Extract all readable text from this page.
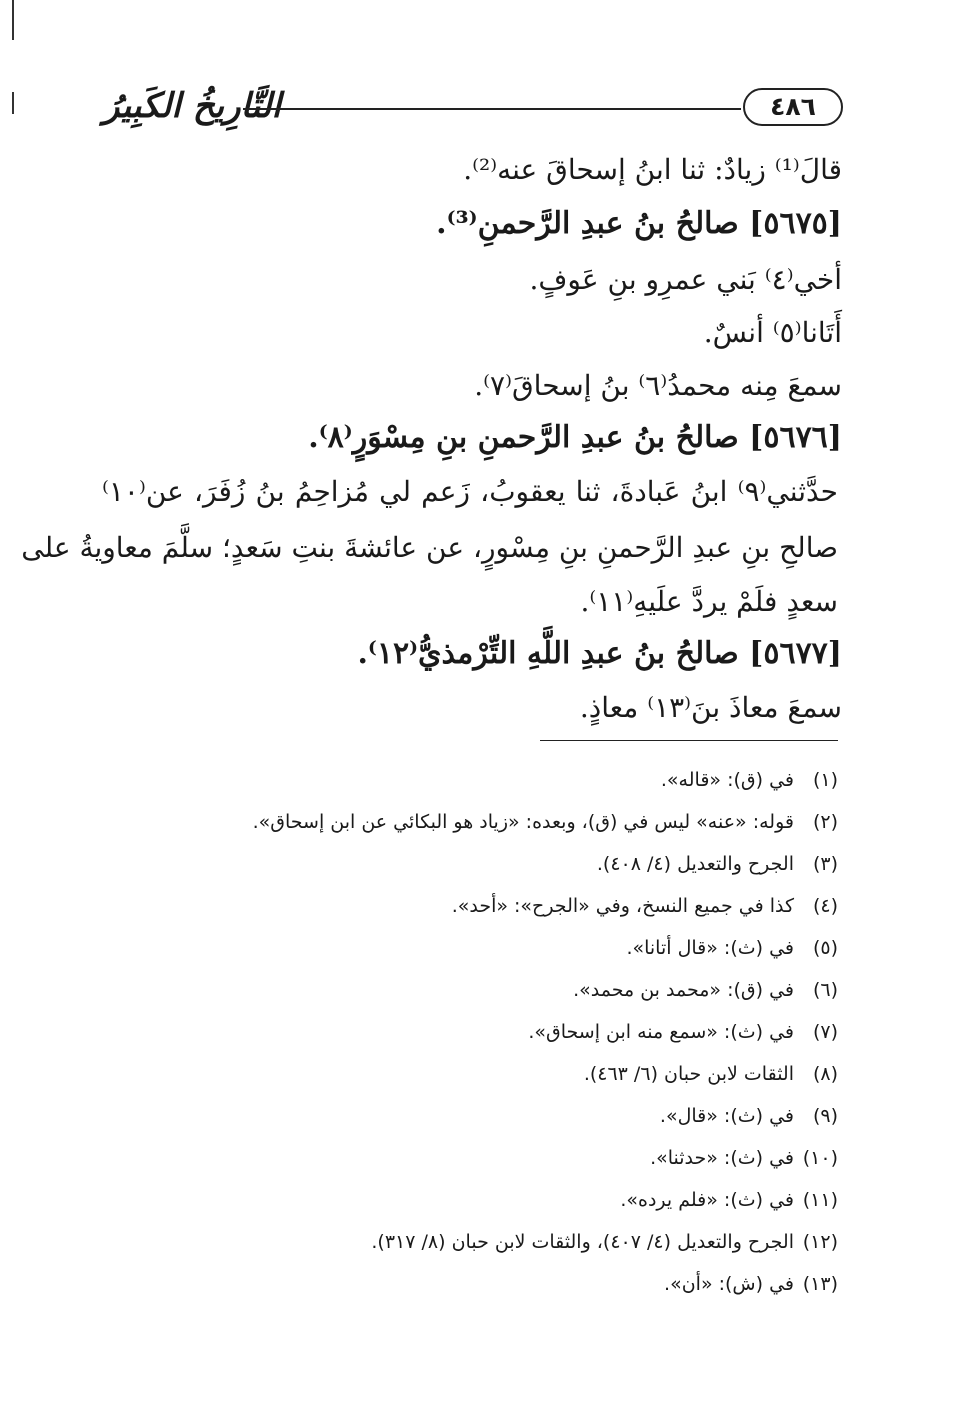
التَّارِيخُ الكَبِيرُ	٤٨٦
قالَ⁽¹⁾ زيادٌ: ثنا ابنُ إسحاقَ عنه⁽²⁾.
[٥٦٧٥] صالحُ بنُ عبدِ الرَّحمنِ⁽³⁾.
أخي⁽٤⁾ بَني عمرِو بنِ عَوفٍ.
أَتَانا⁽٥⁾ أنسٌ.
سمعَ مِنه محمدُ⁽٦⁾ بنُ إسحاقَ⁽٧⁾.
[٥٦٧٦] صالحُ بنُ عبدِ الرَّحمنِ بنِ مِسْوَرٍ⁽٨⁾.
حدَّثني⁽٩⁾ ابنُ عَبادةَ، ثنا يعقوبُ، زَعم لي مُزاحِمُ بنُ زُفَرَ، عن⁽١٠⁾
صالحِ بنِ عبدِ الرَّحمنِ بنِ مِسْورٍ، عن عائشةَ بنتِ سَعدٍ؛ سلَّمَ معاويةُ على
سعدٍ فلَمْ يردَّ علَيهِ⁽١١⁾.
[٥٦٧٧] صالحُ بنُ عبدِ اللَّهِ التِّرْمذيُّ⁽١٢⁾.
سمعَ معاذَ بنَ⁽١٣⁾ معاذٍ.
(١)في (ق): «قاله».
(٢)قوله: «عنه» ليس في (ق)، وبعده: «زياد هو البكائي عن ابن إسحاق».
(٣)الجرح والتعديل (٤/ ٤٠٨).
(٤)كذا في جميع النسخ، وفي «الجرح»: «أحد».
(٥)في (ث): «قال أتانا».
(٦)في (ق): «محمد بن محمد».
(٧)في (ث): «سمع منه ابن إسحاق».
(٨)الثقات لابن حبان (٦/ ٤٦٣).
(٩)في (ث): «قال».
(١٠)في (ث): «حدثنا».
(١١)في (ث): «فلم يرده».
(١٢)الجرح والتعديل (٤/ ٤٠٧)، والثقات لابن حبان (٨/ ٣١٧).
(١٣)في (ش): «أن».
